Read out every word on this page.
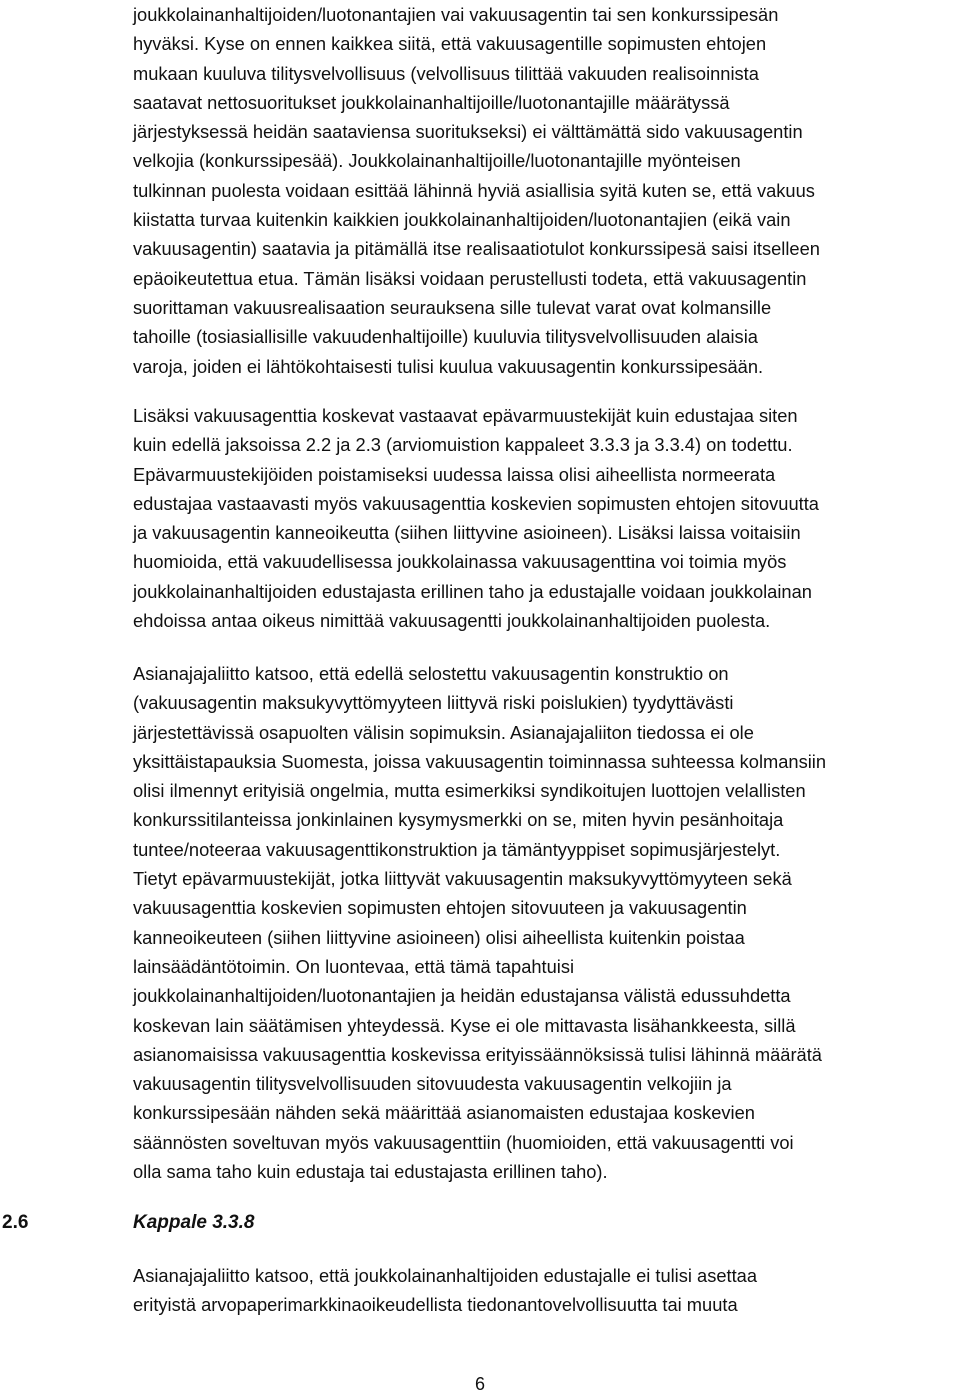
joukkolainanhaltijoiden/luotonantajien vai vakuusagentin tai sen konkurssipesän
hyväksi. Kyse on ennen kaikkea siitä, että vakuusagentille sopimusten ehtojen
mukaan kuuluva tilitysvelvollisuus (velvollisuus tilittää vakuuden realisoinnista
saatavat nettosuoritukset joukkolainanhaltijoille/luotonantajille määrätyssä
järjestyksessä heidän saataviensa suoritukseksi) ei välttämättä sido vakuusagentin
velkojia (konkurssipesää). Joukkolainanhaltijoille/luotonantajille myönteisen
tulkinnan puolesta voidaan esittää lähinnä hyviä asiallisia syitä kuten se, että vakuus
kiistatta turvaa kuitenkin kaikkien joukkolainanhaltijoiden/luotonantajien (eikä vain
vakuusagentin) saatavia ja pitämällä itse realisaatiotulot konkurssipesä saisi itselleen
epäoikeutettua etua. Tämän lisäksi voidaan perustellusti todeta, että vakuusagentin
suorittaman vakuusrealisaation seurauksena sille tulevat varat ovat kolmansille
tahoille (tosiasiallisille vakuudenhaltijoille) kuuluvia tilitysvelvollisuuden alaisia
varoja, joiden ei lähtökohtaisesti tulisi kuulua vakuusagentin konkurssipesään.
Lisäksi vakuusagenttia koskevat vastaavat epävarmuustekijät kuin edustajaa siten
kuin edellä jaksoissa 2.2 ja 2.3 (arviomuistion kappaleet 3.3.3 ja 3.3.4) on todettu.
Epävarmuustekijöiden poistamiseksi uudessa laissa olisi aiheellista normeerata
edustajaa vastaavasti myös vakuusagenttia koskevien sopimusten ehtojen sitovuutta
ja vakuusagentin kanneoikeutta (siihen liittyvine asioineen). Lisäksi laissa voitaisiin
huomioida, että vakuudellisessa joukkolainassa vakuusagenttina voi toimia myös
joukkolainanhaltijoiden edustajasta erillinen taho ja edustajalle voidaan joukkolainan
ehdoissa antaa oikeus nimittää vakuusagentti joukkolainanhaltijoiden puolesta.
Asianajajaliitto katsoo, että edellä selostettu vakuusagentin konstruktio on
(vakuusagentin maksukyvyttömyyteen liittyvä riski poislukien) tyydyttävästi
järjestettävissä osapuolten välisin sopimuksin. Asianajajaliiton tiedossa ei ole
yksittäistapauksia Suomesta, joissa vakuusagentin toiminnassa suhteessa kolmansiin
olisi ilmennyt erityisiä ongelmia, mutta esimerkiksi syndikoitujen luottojen velallisten
konkurssitilanteissa jonkinlainen kysymysmerkki on se, miten hyvin pesänhoitaja
tuntee/noteeraa vakuusagenttikonstruktion ja tämäntyyppiset sopimusjärjestelyt.
Tietyt epävarmuustekijät, jotka liittyvät vakuusagentin maksukyvyttömyyteen sekä
vakuusagenttia koskevien sopimusten ehtojen sitovuuteen ja vakuusagentin
kanneoikeuteen (siihen liittyvine asioineen) olisi aiheellista kuitenkin poistaa
lainsäädäntötoimin. On luontevaa, että tämä tapahtuisi
joukkolainanhaltijoiden/luotonantajien ja heidän edustajansa välistä edussuhdetta
koskevan lain säätämisen yhteydessä. Kyse ei ole mittavasta lisähankkeesta, sillä
asianomaisissa vakuusagenttia koskevissa erityissäännöksissä tulisi lähinnä määrätä
vakuusagentin tilitysvelvollisuuden sitovuudesta vakuusagentin velkojiin ja
konkurssipesään nähden sekä määrittää asianomaisten edustajaa koskevien
säännösten soveltuvan myös vakuusagenttiin (huomioiden, että vakuusagentti voi
olla sama taho kuin edustaja tai edustajasta erillinen taho).
2.6	Kappale 3.3.8
Asianajajaliitto katsoo, että joukkolainanhaltijoiden edustajalle ei tulisi asettaa
erityistä arvopaperimarkkinaoikeudellista tiedonantovelvollisuutta tai muuta
6
